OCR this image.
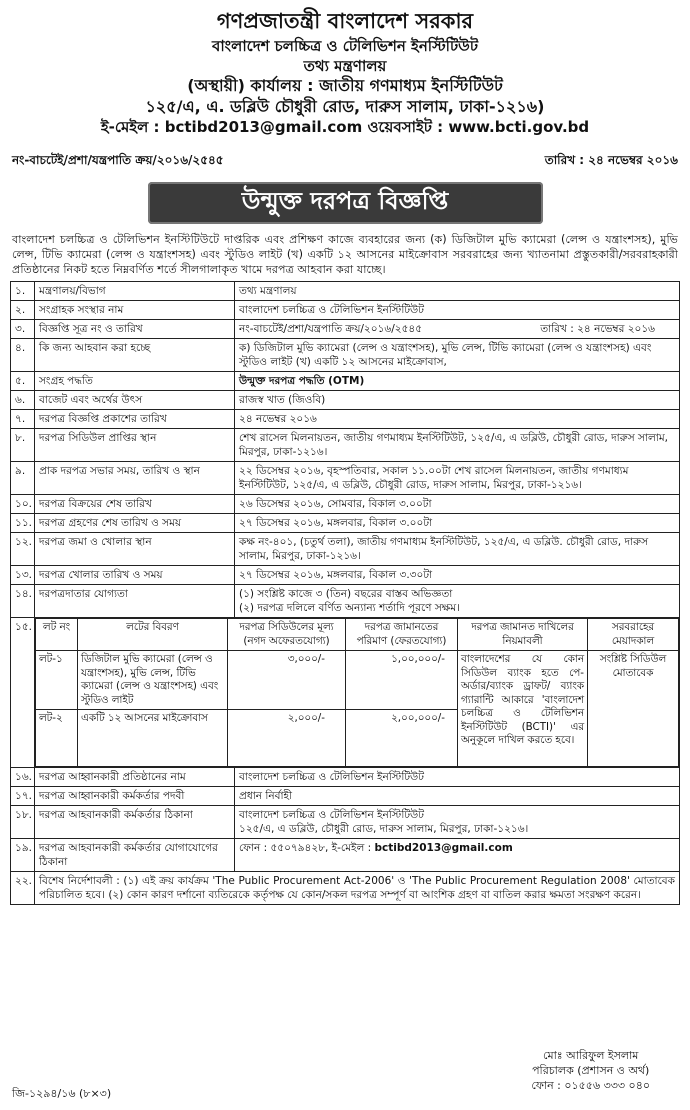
গণপ্রজাতন্ত্রী বাংলাদেশ সরকার
বাংলাদেশ চলচ্চিত্র ও টেলিভিশন ইনস্টিটিউট
তথ্য মন্ত্রণালয়
(অস্থায়ী) কার্যালয় : জাতীয় গণমাধ্যম ইনস্টিটিউট
১২৫/এ, এ. ডব্লিউ চৌধুরী রোড, দারুস সালাম, ঢাকা-১২১৬)
ই-মেইল : bctibd2013@gmail.com ওয়েবসাইট : www.bcti.gov.bd
নং-বাচটেই/প্রশা/যন্ত্রপাতি ক্রয়/২০১৬/২৫৪৫	তারিখ : ২৪ নভেম্বর ২০১৬
উন্মুক্ত দরপত্র বিজ্ঞপ্তি
বাংলাদেশ চলচ্চিত্র ও টেলিভিশন ইনস্টিটিউটে দাপ্তরিক এবং প্রশিক্ষণ কাজে ব্যবহারের জন্য (ক) ডিজিটাল মুভি ক্যামেরা (লেন্স ও যন্ত্রাংশসহ), মুভি লেন্স, টিভি ক্যামেরা (লেন্স ও যন্ত্রাংশসহ) এবং স্টুডিও লাইট (খ) একটি ১২ আসনের মাইক্রোবাস সরবরাহের জন্য খ্যাতনামা প্রস্তুতকারী/সরবরাহকারী প্রতিষ্ঠানের নিকট হতে নিম্নবর্ণিত শর্তে সীলগালাকৃত খামে দরপত্র আহবান করা যাচ্ছে।
১.	মন্ত্রণালয়/বিভাগ	তথ্য মন্ত্রণালয়
২.	সংগ্রাহক সংস্থার নাম	বাংলাদেশ চলচ্চিত্র ও টেলিভিশন ইনস্টিটিউট
৩.	বিজ্ঞপ্তি সূত্র নং ও তারিখ	নং-বাচটেই/প্রশা/যন্ত্রপাতি ক্রয়/২০১৬/২৫৪৫	তারিখ : ২৪ নভেম্বর ২০১৬

৪.	কি জন্য আহবান করা হচ্ছে	ক) ডিজিটাল মুভি ক্যামেরা (লেন্স ও যন্ত্রাংশসহ), মুভি লেন্স, টিভি ক্যামেরা (লেন্স ও যন্ত্রাংশসহ) এবং স্টুডিও লাইট (খ) একটি ১২ আসনের মাইক্রোবাস,
৫.	সংগ্রহ পদ্ধতি	উন্মুক্ত দরপত্র পদ্ধতি (OTM)
৬.	বাজেট এবং অর্থের উৎস	রাজস্ব খাত (জিওবি)
৭.	দরপত্র বিজ্ঞপ্তি প্রকাশের তারিখ	২৪ নভেম্বর ২০১৬
৮.	দরপত্র সিডিউল প্রাপ্তির স্থান	শেখ রাসেল মিলনায়তন, জাতীয় গণমাধ্যম ইনস্টিটিউট, ১২৫/এ, এ ডব্লিউ, চৌধুরী রোড, দারুস সালাম, মিরপুর, ঢাকা-১২১৬।
৯.	প্রাক দরপত্র সভার সময়, তারিখ ও স্থান	২২ ডিসেম্বর ২০১৬, বৃহস্পতিবার, সকাল ১১.০০টা শেখ রাসেল মিলনায়তন, জাতীয় গণমাধ্যম ইনস্টিটিউট, ১২৫/এ, এ ডব্লিউ, চৌধুরী রোড, দারুস সালাম, মিরপুর, ঢাকা-১২১৬।
১০.	দরপত্র বিক্রয়ের শেষ তারিখ	২৬ ডিসেম্বর ২০১৬, সোমবার, বিকাল ৩.০০টা
১১.	দরপত্র গ্রহণের শেষ তারিখ ও সময়	২৭ ডিসেম্বর ২০১৬, মঙ্গলবার, বিকাল ৩.০০টা
১২.	দরপত্র জমা ও খোলার স্থান	কক্ষ নং-৪০১, (চতুর্থ তলা), জাতীয় গণমাধ্যম ইনস্টিটিউট, ১২৫/এ, এ ডব্লিউ. চৌধুরী রোড, দারুস সালাম, মিরপুর, ঢাকা-১২১৬।
১৩.	দরপত্র খোলার তারিখ ও সময়	২৭ ডিসেম্বর ২০১৬, মঙ্গলবার, বিকাল ৩.৩০টা
১৪.	দরপত্রদাতার যোগ্যতা	(১) সংশ্লিষ্ট কাজে ৩ (তিন) বছরের বাস্তব অভিজ্ঞতা
(২) দরপত্র দলিলে বর্ণিত অন্যান্য শর্তাদি পূরণে সক্ষম।

১৫.	লট নং	লটের বিবরণ	দরপত্র সিডিউলের মূল্য (নগদ অফেরতযোগ্য)	দরপত্র জামানতের পরিমাণ (ফেরতযোগ্য)	দরপত্র জামানত দাখিলের নিয়মাবলী	সরবরাহের মেয়াদকাল
লট-১	ডিজিটাল মুভি ক্যামেরা (লেন্স ও যন্ত্রাংশসহ), মুভি লেন্স, টিভি ক্যামেরা (লেন্স ও যন্ত্রাংশসহ) এবং স্টুডিও লাইট	৩,০০০/-	১,০০,০০০/-	বাংলাদেশের যে কোন সিডিউল ব্যাংক হতে পে-অর্ডার/ব্যাংক ড্রাফট/ ব্যাংক গ্যারান্টি আকারে 'বাংলাদেশ চলচ্চিত্র ও টেলিভিশন ইনস্টিটিউট (BCTI)' এর অনুকূলে দাখিল করতে হবে।	সংশ্লিষ্ট সিডিউল মোতাবেক
লট-২	একটি ১২ আসনের মাইক্রোবাস	২,০০০/-	২,০০,০০০/-

১৬.	দরপত্র আহ্বানকারী প্রতিষ্ঠানের নাম	বাংলাদেশ চলচ্চিত্র ও টেলিভিশন ইনস্টিটিউট
১৭.	দরপত্র আহ্বানকারী কর্মকর্তার পদবী	প্রধান নির্বাহী
১৮.	দরপত্র আহবানকারী কর্মকর্তার ঠিকানা	বাংলাদেশ চলচ্চিত্র ও টেলিভিশন ইনস্টিটিউট
১২৫/এ, এ ডব্লিউ, চৌধুরী রোড, দারুস সালাম, মিরপুর, ঢাকা-১২১৬।

১৯.	দরপত্র আহবানকারী কর্মকর্তার যোগাযোগের ঠিকানা	ফোন : ৫৫০৭৯৪২৮, ই-মেইল : bctibd2013@gmail.com
২২.	বিশেষ নির্দেশাবলী : (১) এই ক্রয় কার্যক্রম 'The Public Procurement Act-2006' ও 'The Public Procurement Regulation 2008' মোতাবেক পরিচালিত হবে। (২) কোন কারণ দর্শানো ব্যতিরেকে কর্তৃপক্ষ যে কোন/সকল দরপত্র সম্পূর্ণ বা আংশিক গ্রহণ বা বাতিল করার ক্ষমতা সংরক্ষণ করেন।
মোঃ আরিফুল ইসলাম
পরিচালক (প্রশাসন ও অর্থ)
ফোন : ০১৫৫৬ ৩৩৩ ০৪০
জি-১২৯৪/১৬ (৮×৩)
